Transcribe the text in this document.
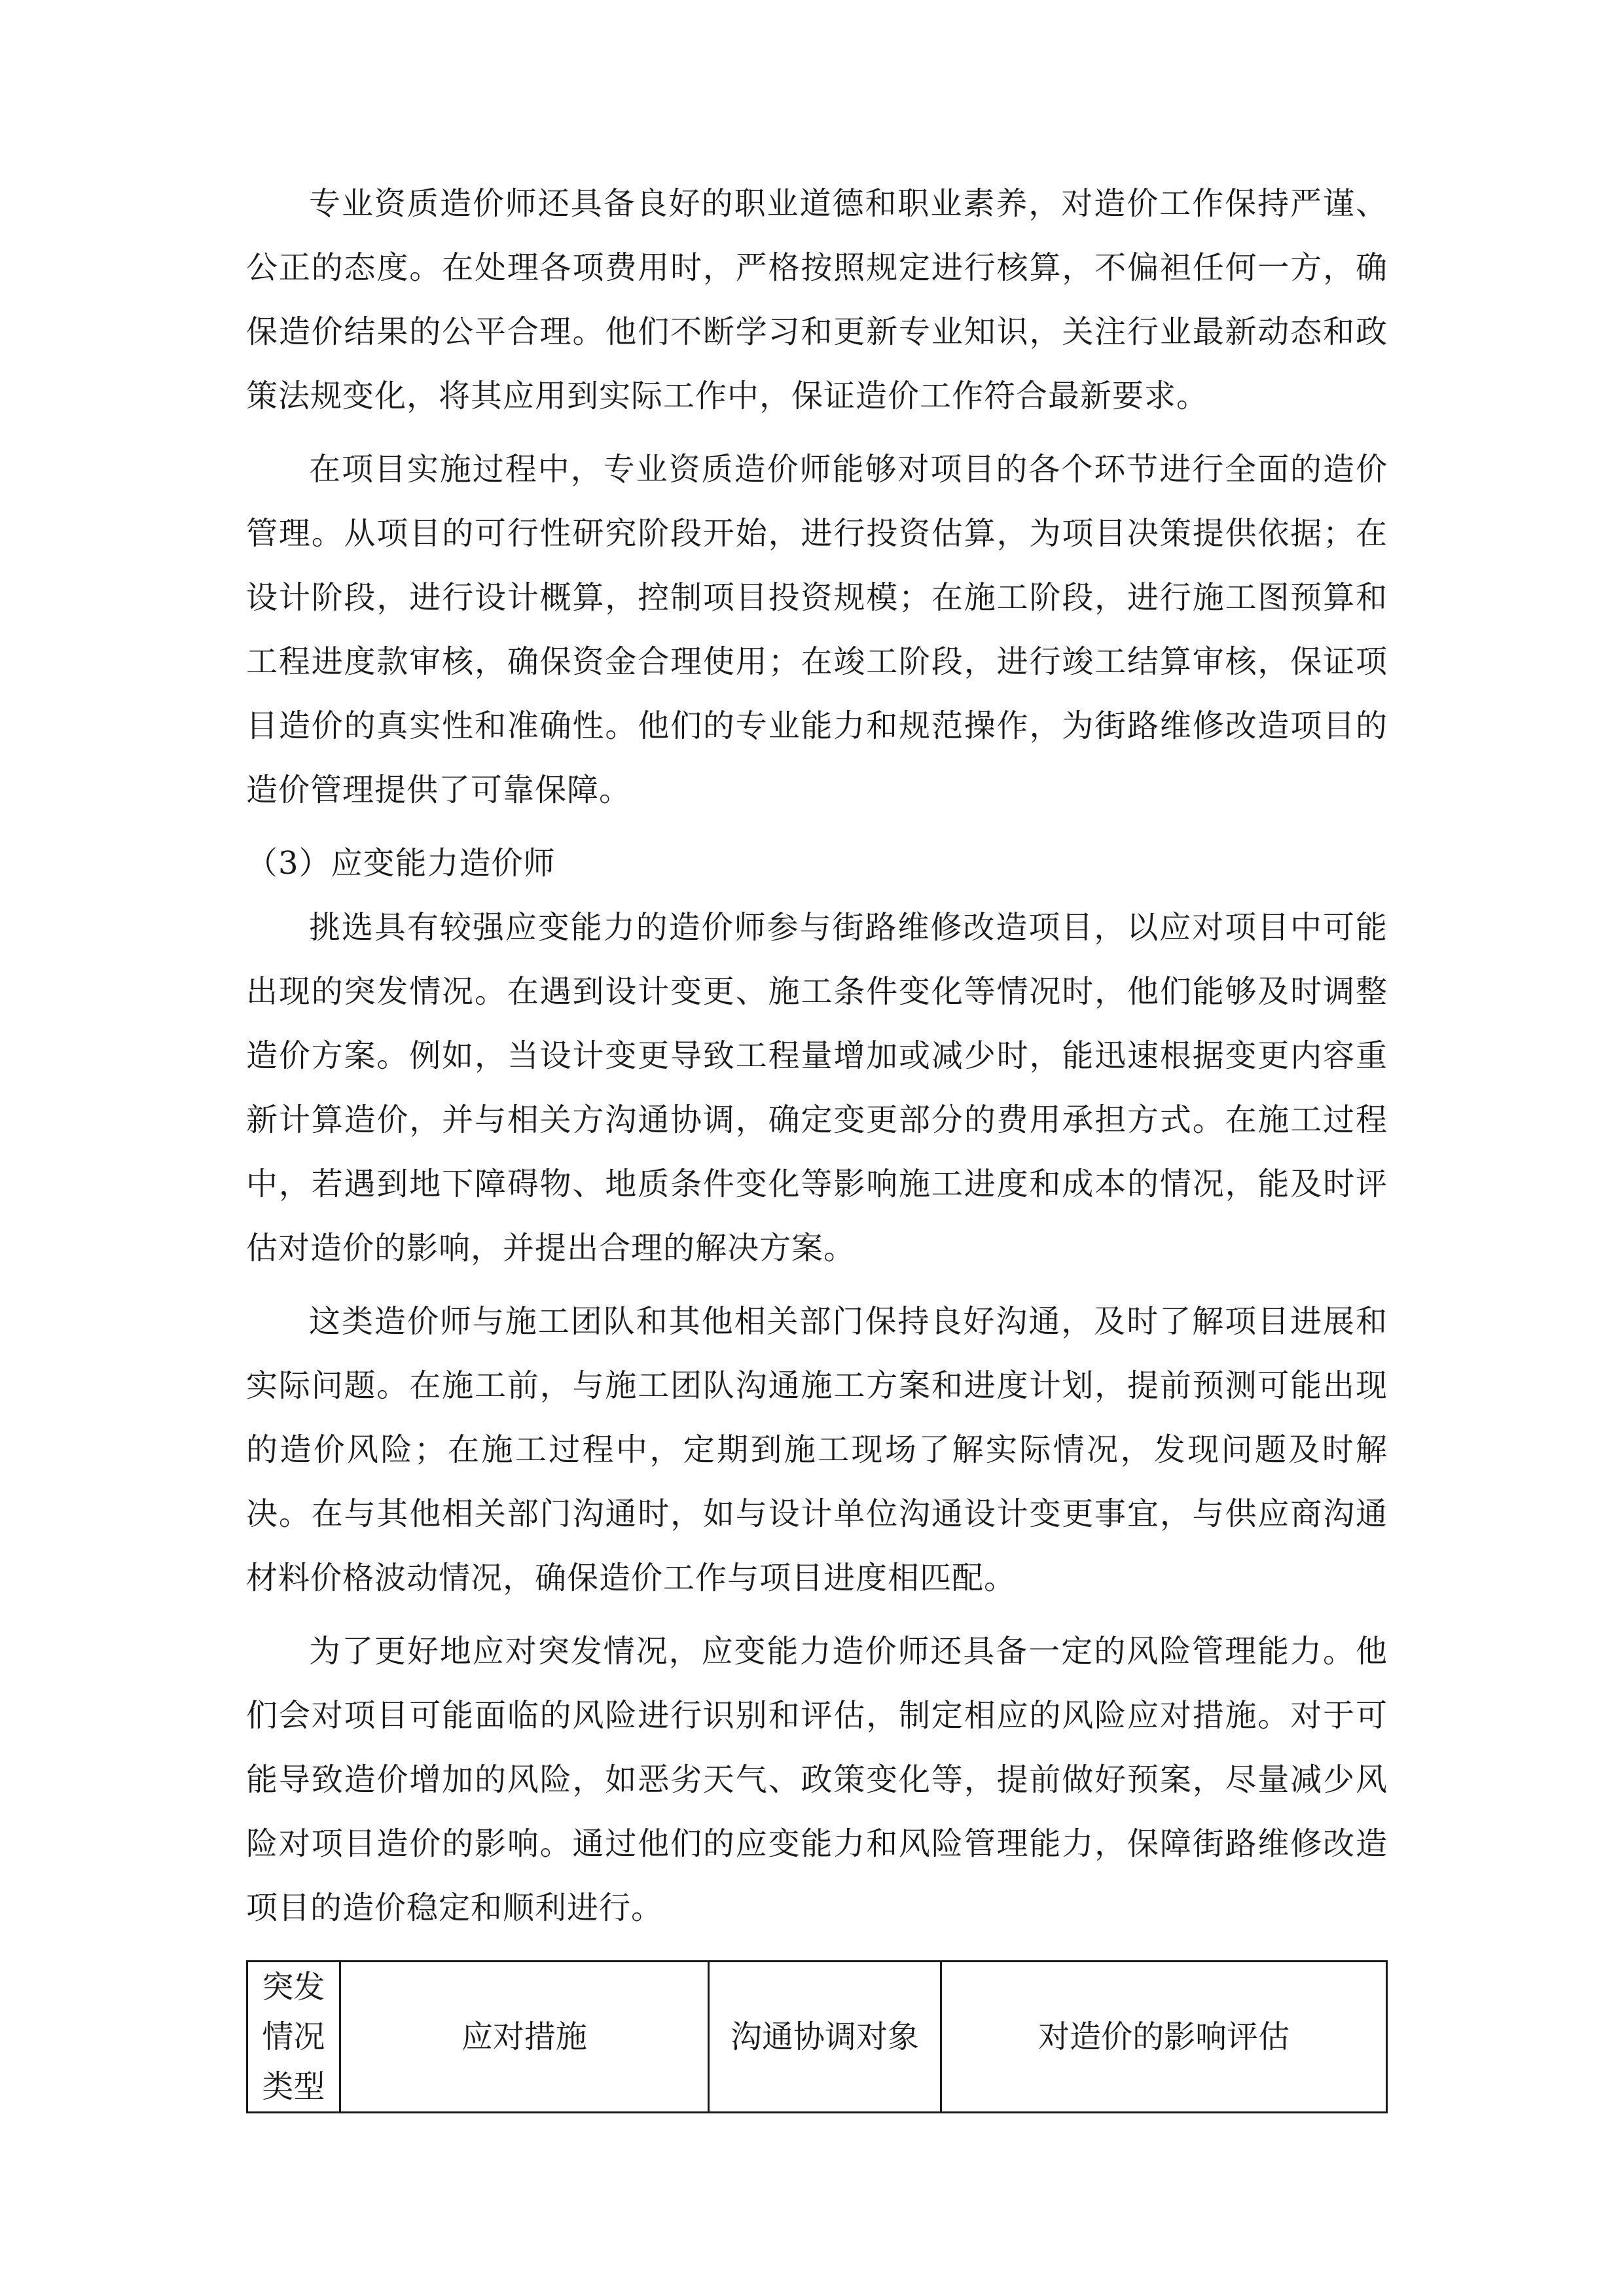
专业资质造价师还具备良好的职业道德和职业素养，对造价工作保持严谨、公正的态度。在处理各项费用时，严格按照规定进行核算，不偏袒任何一方，确保造价结果的公平合理。他们不断学习和更新专业知识，关注行业最新动态和政策法规变化，将其应用到实际工作中，保证造价工作符合最新要求。

在项目实施过程中，专业资质造价师能够对项目的各个环节进行全面的造价管理。从项目的可行性研究阶段开始，进行投资估算，为项目决策提供依据；在设计阶段，进行设计概算，控制项目投资规模；在施工阶段，进行施工图预算和工程进度款审核，确保资金合理使用；在竣工阶段，进行竣工结算审核，保证项目造价的真实性和准确性。他们的专业能力和规范操作，为街路维修改造项目的造价管理提供了可靠保障。

（3）应变能力造价师

挑选具有较强应变能力的造价师参与街路维修改造项目，以应对项目中可能出现的突发情况。在遇到设计变更、施工条件变化等情况时，他们能够及时调整造价方案。例如，当设计变更导致工程量增加或减少时，能迅速根据变更内容重新计算造价，并与相关方沟通协调，确定变更部分的费用承担方式。在施工过程中，若遇到地下障碍物、地质条件变化等影响施工进度和成本的情况，能及时评估对造价的影响，并提出合理的解决方案。

这类造价师与施工团队和其他相关部门保持良好沟通，及时了解项目进展和实际问题。在施工前，与施工团队沟通施工方案和进度计划，提前预测可能出现的造价风险；在施工过程中，定期到施工现场了解实际情况，发现问题及时解决。在与其他相关部门沟通时，如与设计单位沟通设计变更事宜，与供应商沟通材料价格波动情况，确保造价工作与项目进度相匹配。

为了更好地应对突发情况，应变能力造价师还具备一定的风险管理能力。他们会对项目可能面临的风险进行识别和评估，制定相应的风险应对措施。对于可能导致造价增加的风险，如恶劣天气、政策变化等，提前做好预案，尽量减少风险对项目造价的影响。通过他们的应变能力和风险管理能力，保障街路维修改造项目的造价稳定和顺利进行。

突发情况类型	应对措施	沟通协调对象	对造价的影响评估
